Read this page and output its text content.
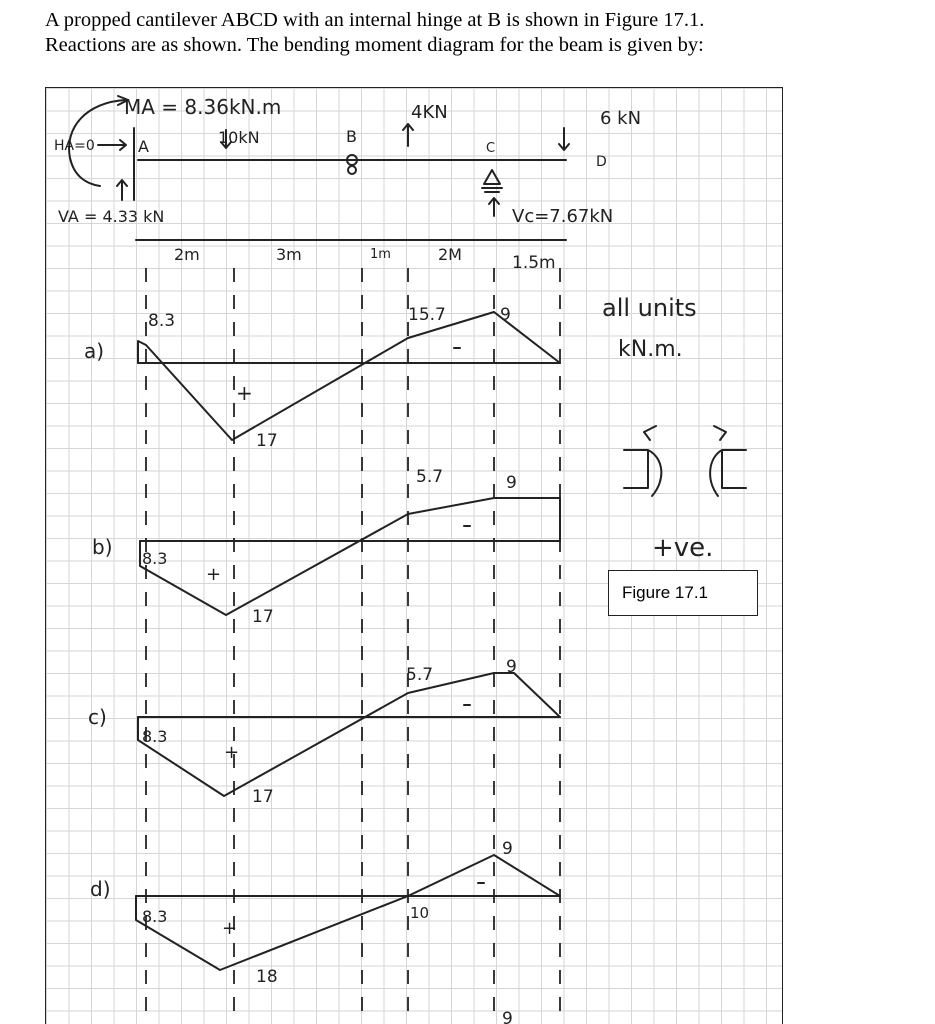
A propped cantilever ABCD with an internal hinge at B is shown in Figure 17.1.
Reactions are as shown. The bending moment diagram for the beam is given by:
MA = 8.36kN.m
HA=0	A	10kN	B
4KN
C
6 kN
D
VA = 4.33 kN	Vc=7.67kN
2m	3m	1m	2M	1.5m
a)
8.3
+
17
15.7	9
b) 8.3
+
17
5.7	9
c)
8.3
+
17
5.7	9
d)
8.3
+
18
10
9
9
all units
kN.m.
+ve.
Figure 17.1
